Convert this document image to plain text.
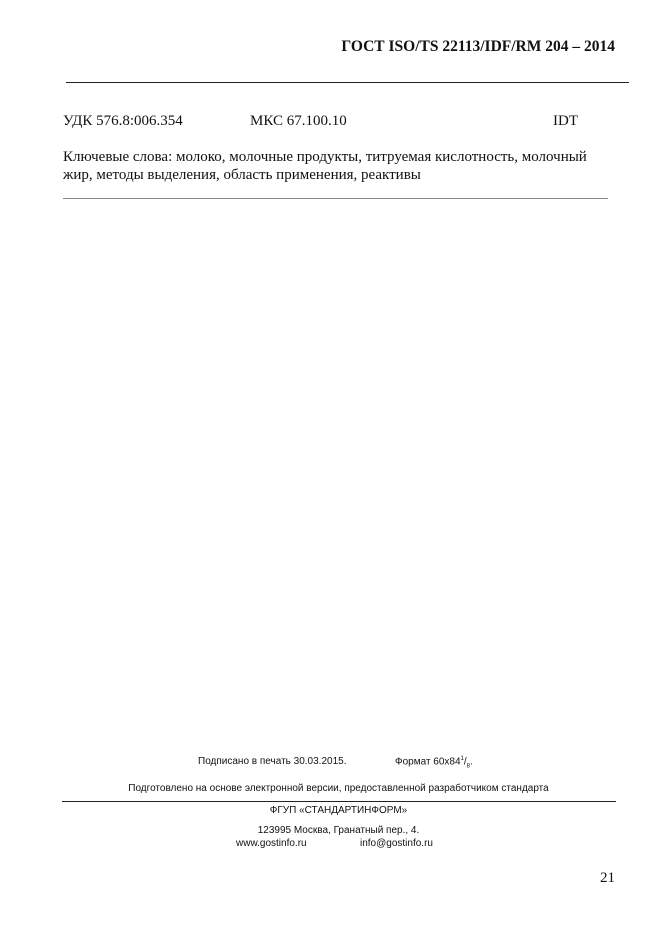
ГОСТ ISO/TS 22113/IDF/RM 204 – 2014
УДК 576.8:006.354	МКС 67.100.10	IDT
Ключевые слова: молоко, молочные продукты, титруемая кислотность, молочный жир, методы выделения, область применения, реактивы
Подписано в печать 30.03.2015.	Формат $60x84^1/_8$.
Подготовлено на основе электронной версии, предоставленной разработчиком стандарта
ФГУП «СТАНДАРТИНФОРМ»
123995 Москва, Гранатный пер., 4.
www.gostinfo.ru	info@gostinfo.ru
21
